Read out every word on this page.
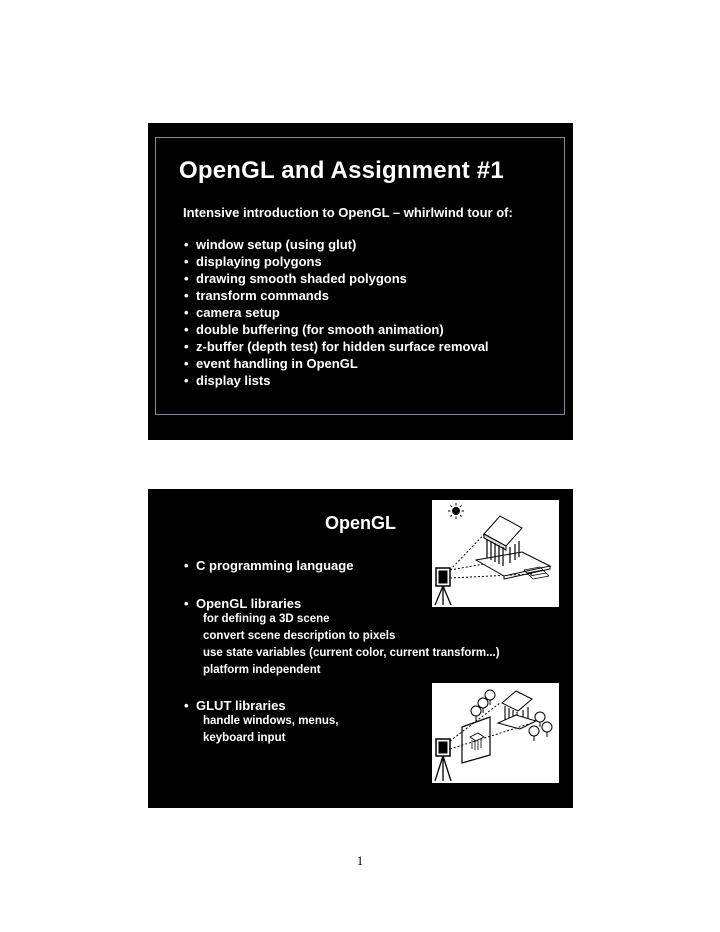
OpenGL and Assignment #1
Intensive introduction to OpenGL – whirlwind tour of:
• window setup (using glut)
• displaying polygons
• drawing smooth shaded polygons
• transform commands
• camera setup
• double buffering (for smooth animation)
• z-buffer (depth test) for hidden surface removal
• event handling in OpenGL
• display lists
OpenGL
• C programming language
• OpenGL libraries
for defining a 3D scene
convert scene description to pixels
use state variables (current color, current transform...)
platform independent
• GLUT libraries
handle windows, menus,
keyboard input
1
